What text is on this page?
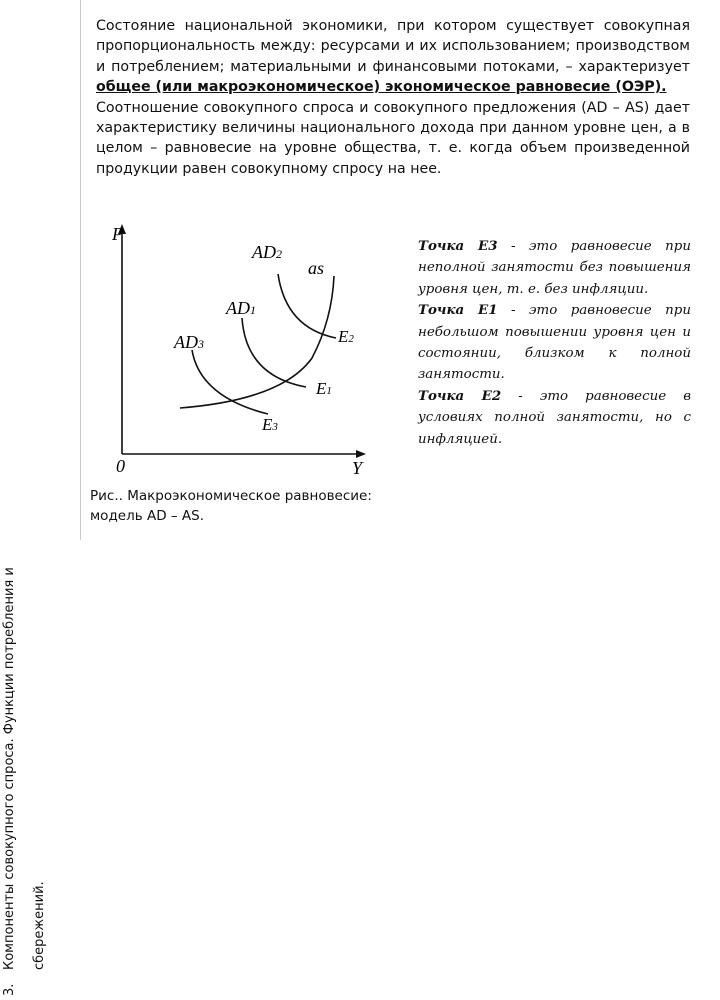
3.
Компоненты совокупного спроса. Функции потребления и сбережений.

Состояние национальной экономики, при котором существует совокупная пропорциональность между: ресурсами и их использованием; производством и потреблением; материальными и финансовыми потоками, – характеризует общее (или макроэкономическое) экономическое равновесие (ОЭР).

Соотношение совокупного спроса и совокупного предложения (AD – AS) дает характеристику величины национального дохода при данном уровне цен, а в целом – равновесие на уровне общества, т. е. когда объем произведенной продукции равен совокупному спросу на нее.

P
Y
0
AD3
AD1
AD2
as
E3
E1
E2

Точка E3 - это равновесие при неполной занятости без повышения уровня цен, т. е. без инфляции.

Точка E1 - это равновесие при небольшом повышении уровня цен и состоянии, близком к полной занятости.

Точка E2 - это равновесие в условиях полной занятости, но с инфляцией.

Рис.. Макроэкономическое равновесие: модель AD – AS.
